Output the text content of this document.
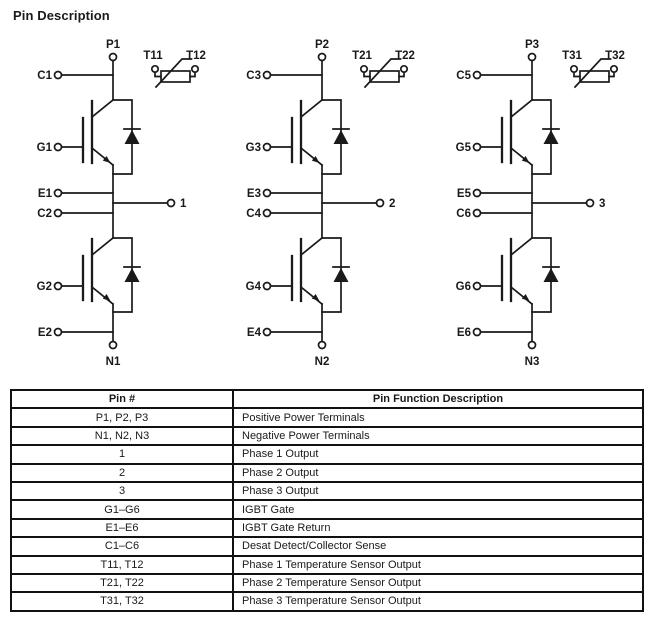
Pin Description
P1
T11 T12
C1
G1
E1
1
C2
G2
E2
N1
P2
T21 T22
C3
G3
E3
2
C4
G4
E4
N2
P3
T31 T32
C5
G5
E5
3
C6
G6
E6
N3
Pin #	Pin Function Description
P1, P2, P3	Positive Power Terminals
N1, N2, N3	Negative Power Terminals
1	Phase 1 Output
2	Phase 2 Output
3	Phase 3 Output
G1–G6	IGBT Gate
E1–E6	IGBT Gate Return
C1–C6	Desat Detect/Collector Sense
T11, T12	Phase 1 Temperature Sensor Output
T21, T22	Phase 2 Temperature Sensor Output
T31, T32	Phase 3 Temperature Sensor Output
